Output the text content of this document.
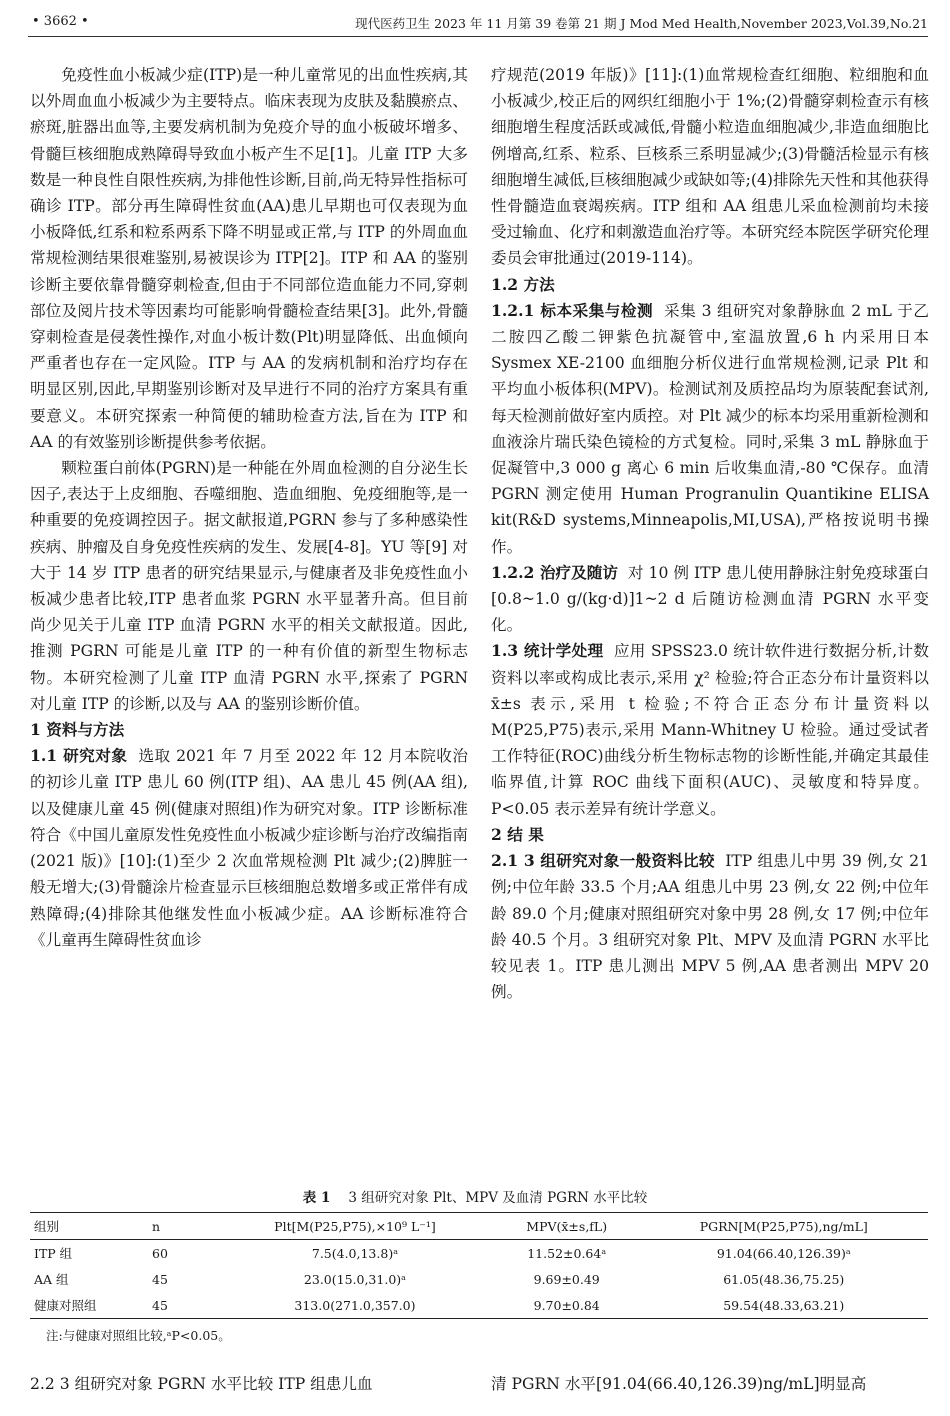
• 3662 •	现代医药卫生 2023 年 11 月第 39 卷第 21 期 J Mod Med Health,November 2023,Vol.39,No.21

免疫性血小板减少症(ITP)是一种儿童常见的出血性疾病,其以外周血血小板减少为主要特点。临床表现为皮肤及黏膜瘀点、瘀斑,脏器出血等,主要发病机制为免疫介导的血小板破坏增多、骨髓巨核细胞成熟障碍导致血小板产生不足[1]。儿童 ITP 大多数是一种良性自限性疾病,为排他性诊断,目前,尚无特异性指标可确诊 ITP。部分再生障碍性贫血(AA)患儿早期也可仅表现为血小板降低,红系和粒系两系下降不明显或正常,与 ITP 的外周血血常规检测结果很难鉴别,易被误诊为 ITP[2]。ITP 和 AA 的鉴别诊断主要依靠骨髓穿刺检查,但由于不同部位造血能力不同,穿刺部位及阅片技术等因素均可能影响骨髓检查结果[3]。此外,骨髓穿刺检查是侵袭性操作,对血小板计数(Plt)明显降低、出血倾向严重者也存在一定风险。ITP 与 AA 的发病机制和治疗均存在明显区别,因此,早期鉴别诊断对及早进行不同的治疗方案具有重要意义。本研究探索一种简便的辅助检查方法,旨在为 ITP 和 AA 的有效鉴别诊断提供参考依据。

颗粒蛋白前体(PGRN)是一种能在外周血检测的自分泌生长因子,表达于上皮细胞、吞噬细胞、造血细胞、免疫细胞等,是一种重要的免疫调控因子。据文献报道,PGRN 参与了多种感染性疾病、肿瘤及自身免疫性疾病的发生、发展[4-8]。YU 等[9] 对大于 14 岁 ITP 患者的研究结果显示,与健康者及非免疫性血小板减少患者比较,ITP 患者血浆 PGRN 水平显著升高。但目前尚少见关于儿童 ITP 血清 PGRN 水平的相关文献报道。因此,推测 PGRN 可能是儿童 ITP 的一种有价值的新型生物标志物。本研究检测了儿童 ITP 血清 PGRN 水平,探索了 PGRN 对儿童 ITP 的诊断,以及与 AA 的鉴别诊断价值。

1 资料与方法

1.1 研究对象 选取 2021 年 7 月至 2022 年 12 月本院收治的初诊儿童 ITP 患儿 60 例(ITP 组)、AA 患儿 45 例(AA 组),以及健康儿童 45 例(健康对照组)作为研究对象。ITP 诊断标准符合《中国儿童原发性免疫性血小板减少症诊断与治疗改编指南(2021 版)》[10]:(1)至少 2 次血常规检测 Plt 减少;(2)脾脏一般无增大;(3)骨髓涂片检查显示巨核细胞总数增多或正常伴有成熟障碍;(4)排除其他继发性血小板减少症。AA 诊断标准符合《儿童再生障碍性贫血诊

疗规范(2019 年版)》[11]:(1)血常规检查红细胞、粒细胞和血小板减少,校正后的网织红细胞小于 1%;(2)骨髓穿刺检查示有核细胞增生程度活跃或减低,骨髓小粒造血细胞减少,非造血细胞比例增高,红系、粒系、巨核系三系明显减少;(3)骨髓活检显示有核细胞增生减低,巨核细胞减少或缺如等;(4)排除先天性和其他获得性骨髓造血衰竭疾病。ITP 组和 AA 组患儿采血检测前均未接受过输血、化疗和刺激造血治疗等。本研究经本院医学研究伦理委员会审批通过(2019-114)。

1.2 方法

1.2.1 标本采集与检测 采集 3 组研究对象静脉血 2 mL 于乙二胺四乙酸二钾紫色抗凝管中,室温放置,6 h 内采用日本 Sysmex XE-2100 血细胞分析仪进行血常规检测,记录 Plt 和平均血小板体积(MPV)。检测试剂及质控品均为原装配套试剂,每天检测前做好室内质控。对 Plt 减少的标本均采用重新检测和血液涂片瑞氏染色镜检的方式复检。同时,采集 3 mL 静脉血于促凝管中,3 000 g 离心 6 min 后收集血清,-80 ℃保存。血清 PGRN 测定使用 Human Progranulin Quantikine ELISA kit(R&D systems,Minneapolis,MI,USA),严格按说明书操作。

1.2.2 治疗及随访 对 10 例 ITP 患儿使用静脉注射免疫球蛋白[0.8~1.0 g/(kg·d)]1~2 d 后随访检测血清 PGRN 水平变化。

1.3 统计学处理 应用 SPSS23.0 统计软件进行数据分析,计数资料以率或构成比表示,采用 χ² 检验;符合正态分布计量资料以 x̄±s 表示,采用 t 检验;不符合正态分布计量资料以 M(P25,P75)表示,采用 Mann-Whitney U 检验。通过受试者工作特征(ROC)曲线分析生物标志物的诊断性能,并确定其最佳临界值,计算 ROC 曲线下面积(AUC)、灵敏度和特异度。P<0.05 表示差异有统计学意义。

2 结 果

2.1 3 组研究对象一般资料比较 ITP 组患儿中男 39 例,女 21 例;中位年龄 33.5 个月;AA 组患儿中男 23 例,女 22 例;中位年龄 89.0 个月;健康对照组研究对象中男 28 例,女 17 例;中位年龄 40.5 个月。3 组研究对象 Plt、MPV 及血清 PGRN 水平比较见表 1。ITP 患儿测出 MPV 5 例,AA 患者测出 MPV 20 例。

表 1 3 组研究对象 Plt、MPV 及血清 PGRN 水平比较
组别	n	Plt[M(P25,P75),×10⁹ L⁻¹]	MPV(x̄±s,fL)	PGRN[M(P25,P75),ng/mL]
ITP 组	60	7.5(4.0,13.8)ᵃ	11.52±0.64ᵃ	91.04(66.40,126.39)ᵃ
AA 组	45	23.0(15.0,31.0)ᵃ	9.69±0.49	61.05(48.36,75.25)
健康对照组	45	313.0(271.0,357.0)	9.70±0.84	59.54(48.33,63.21)
注:与健康对照组比较,ᵃP<0.05。
2.2 3 组研究对象 PGRN 水平比较 ITP 组患儿血	清 PGRN 水平[91.04(66.40,126.39)ng/mL]明显高
